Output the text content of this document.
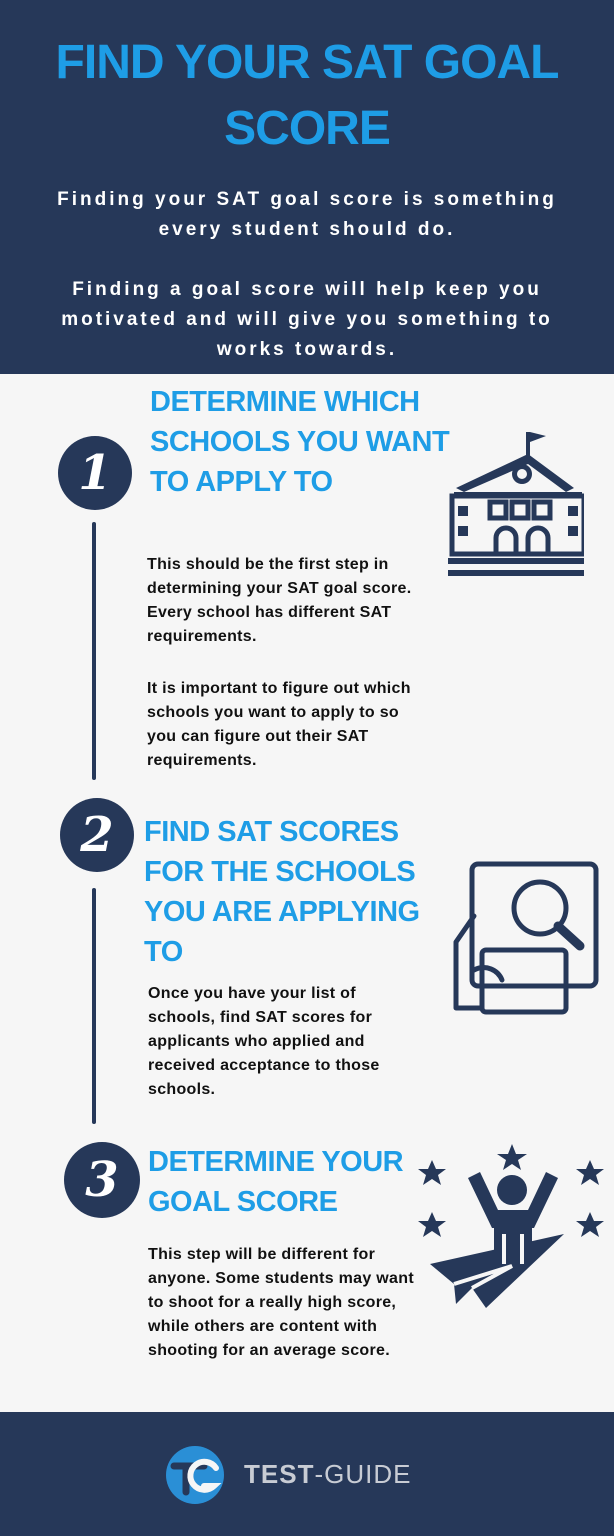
FIND YOUR SAT GOAL SCORE
Finding your SAT goal score is something every student should do.
Finding a goal score will help keep you motivated and will give you something to works towards.
1
DETERMINE WHICH SCHOOLS YOU WANT TO APPLY TO
This should be the first step in determining your SAT goal score. Every school has different SAT requirements.
It is important to figure out which schools you want to apply to so you can figure out their SAT requirements.
2	FIND SAT SCORES FOR THE SCHOOLS YOU ARE APPLYING TO
Once you have your list of schools, find SAT scores for applicants who applied and received acceptance to those schools.
3	DETERMINE YOUR GOAL SCORE
This step will be different for anyone. Some students may want to shoot for a really high score, while others are content with shooting for an average score.
TEST-GUIDE
